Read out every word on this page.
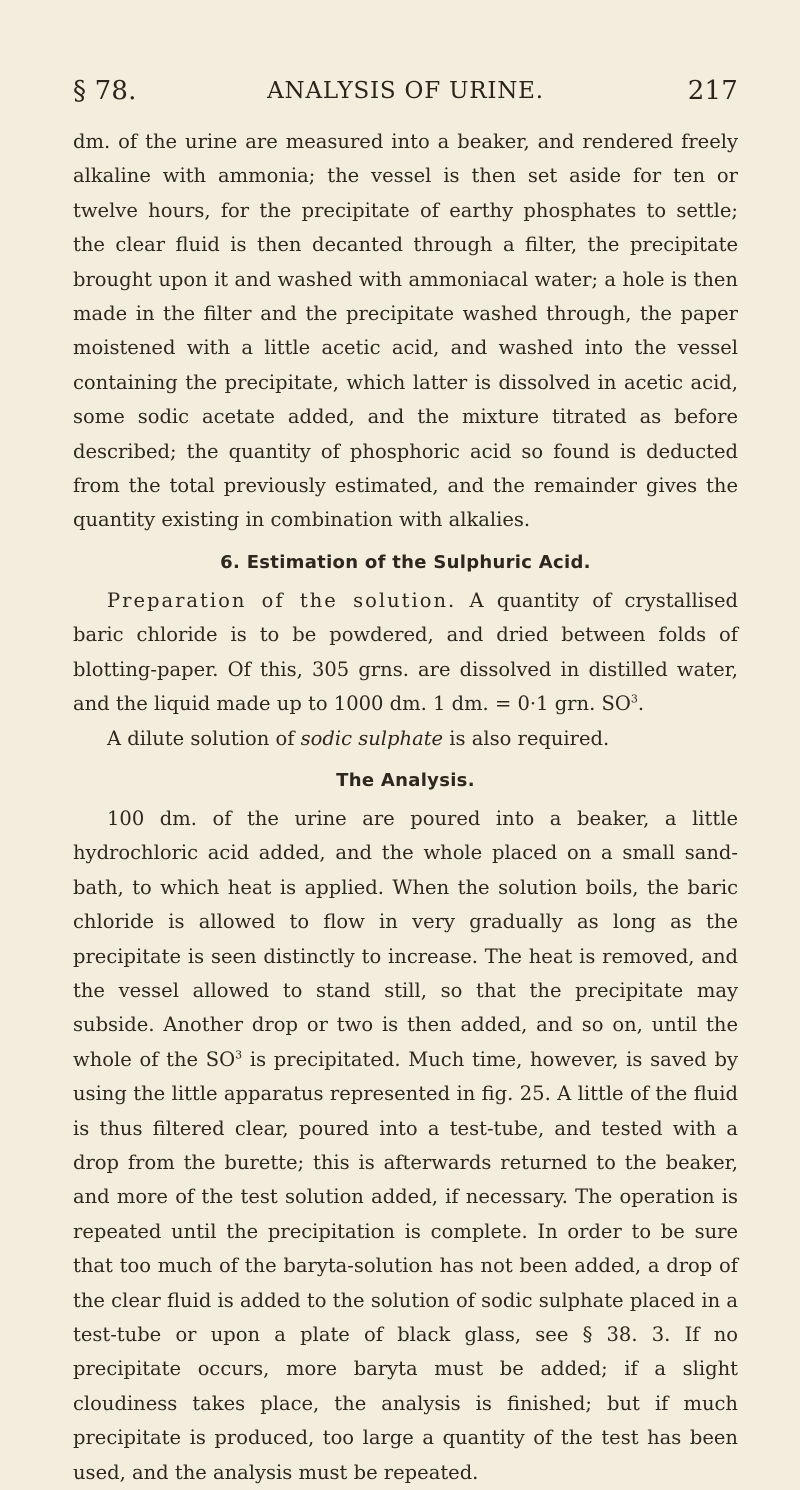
§ 78.	ANALYSIS OF URINE.	217

dm. of the urine are measured into a beaker, and rendered freely alkaline with ammonia; the vessel is then set aside for ten or twelve hours, for the precipitate of earthy phosphates to settle; the clear fluid is then decanted through a filter, the precipitate brought upon it and washed with ammoniacal water; a hole is then made in the filter and the precipitate washed through, the paper moistened with a little acetic acid, and washed into the vessel containing the precipitate, which latter is dissolved in acetic acid, some sodic acetate added, and the mixture titrated as before described; the quantity of phosphoric acid so found is deducted from the total previously estimated, and the remainder gives the quantity existing in combination with alkalies.

6. Estimation of the Sulphuric Acid.

Preparation of the solution. A quantity of crystallised baric chloride is to be powdered, and dried between folds of blotting-paper. Of this, 305 grns. are dissolved in distilled water, and the liquid made up to 1000 dm. 1 dm. = 0·1 grn. $SO^3$.

A dilute solution of sodic sulphate is also required.

The Analysis.

100 dm. of the urine are poured into a beaker, a little hydrochloric acid added, and the whole placed on a small sand-bath, to which heat is applied. When the solution boils, the baric chloride is allowed to flow in very gradually as long as the precipitate is seen distinctly to increase. The heat is removed, and the vessel allowed to stand still, so that the precipitate may subside. Another drop or two is then added, and so on, until the whole of the $SO^3$ is precipitated. Much time, however, is saved by using the little apparatus represented in fig. 25. A little of the fluid is thus filtered clear, poured into a test-tube, and tested with a drop from the burette; this is afterwards returned to the beaker, and more of the test solution added, if necessary. The operation is repeated until the precipitation is complete. In order to be sure that too much of the baryta-solution has not been added, a drop of the clear fluid is added to the solution of sodic sulphate placed in a test-tube or upon a plate of black glass, see § 38. 3. If no precipitate occurs, more baryta must be added; if a slight cloudiness takes place, the analysis is finished; but if much precipitate is produced, too large a quantity of the test has been used, and the analysis must be repeated.
